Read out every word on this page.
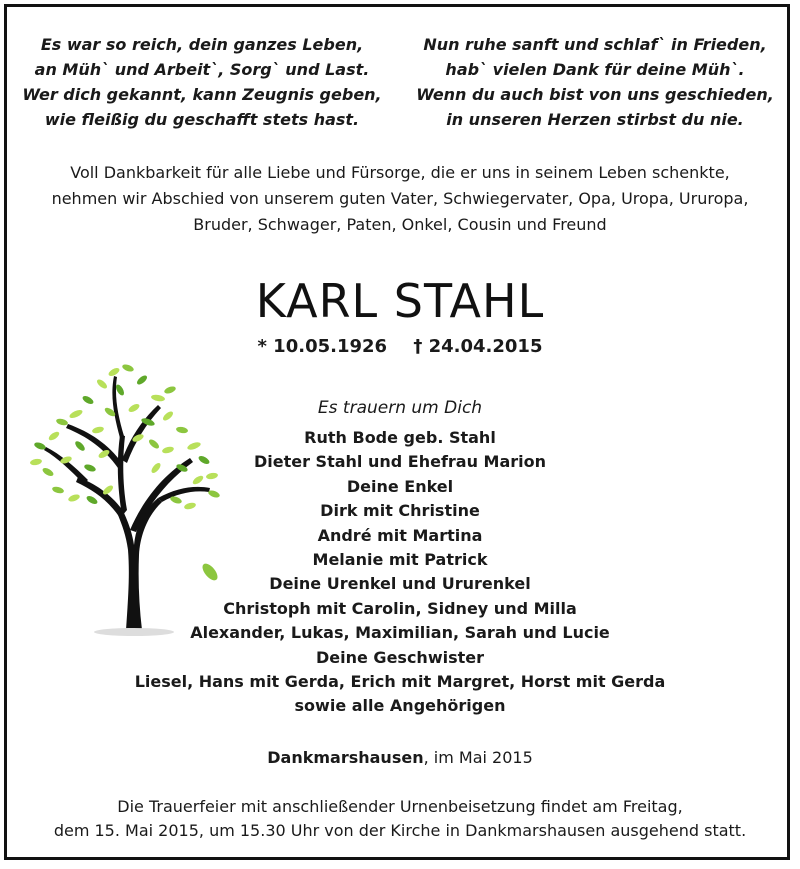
Es war so reich, dein ganzes Leben,
an Müh` und Arbeit`, Sorg` und Last.
Wer dich gekannt, kann Zeugnis geben,
wie fleißig du geschafft stets hast.
Nun ruhe sanft und schlaf` in Frieden,
hab` vielen Dank für deine Müh`.
Wenn du auch bist von uns geschieden,
in unseren Herzen stirbst du nie.
Voll Dankbarkeit für alle Liebe und Fürsorge, die er uns in seinem Leben schenkte,
nehmen wir Abschied von unserem guten Vater, Schwiegervater, Opa, Uropa, Ururopa,
Bruder, Schwager, Paten, Onkel, Cousin und Freund
KARL STAHL
* 10.05.1926 † 24.04.2015
Es trauern um Dich
Ruth Bode geb. Stahl
Dieter Stahl und Ehefrau Marion
Deine Enkel
Dirk mit Christine
André mit Martina
Melanie mit Patrick
Deine Urenkel und Ururenkel
Christoph mit Carolin, Sidney und Milla
Alexander, Lukas, Maximilian, Sarah und Lucie
Deine Geschwister
Liesel, Hans mit Gerda, Erich mit Margret, Horst mit Gerda
sowie alle Angehörigen
Dankmarshausen, im Mai 2015
Die Trauerfeier mit anschließender Urnenbeisetzung findet am Freitag,
dem 15. Mai 2015, um 15.30 Uhr von der Kirche in Dankmarshausen ausgehend statt.
